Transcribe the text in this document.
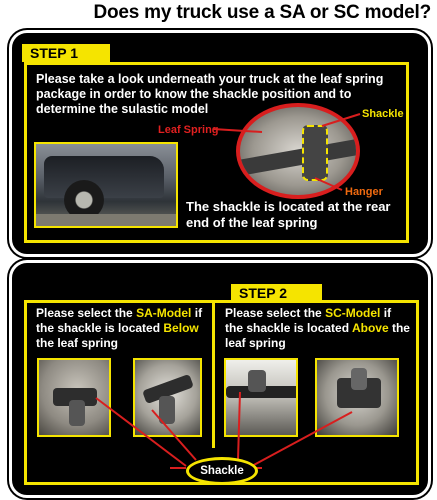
Does my truck use a SA or SC model?
STEP 1
Please take a look underneath your truck at the leaf spring package in order to know the shackle position and to determine the sulastic model
Leaf Spring
Shackle
Hanger
The shackle is located at the rear end of the leaf spring
STEP 2
Please select the SA-Model if the shackle is located Below the leaf spring
Please select the SC-Model if the shackle is located Above the leaf spring
Shackle
